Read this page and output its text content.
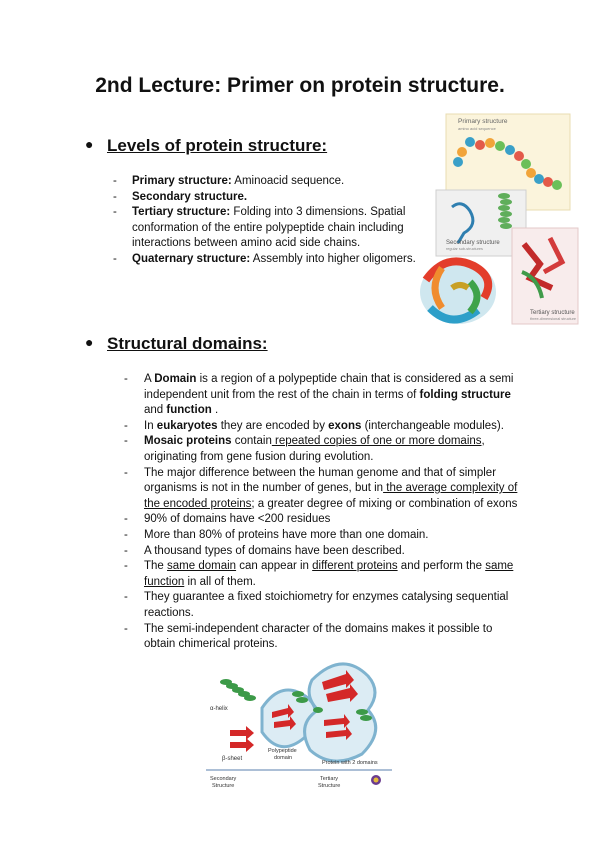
2nd Lecture: Primer on protein structure.
● Levels of protein structure:
- Primary structure: Aminoacid sequence.
- Secondary structure.
- Tertiary structure: Folding into 3 dimensions. Spatial conformation of the entire polypeptide chain including interactions between amino acid side chains.
- Quaternary structure: Assembly into higher oligomers.
Primary structure
amino acid sequence
Secondary structure
regular sub-structures
Tertiary structure
three-dimensional structure
● Structural domains:
- A Domain is a region of a polypeptide chain that is considered as a semi independent unit from the rest of the chain in terms of folding structure and function .
- In eukaryotes they are encoded by exons (interchangeable modules).
- Mosaic proteins contain repeated copies of one or more domains, originating from gene fusion during evolution.
- The major difference between the human genome and that of simpler organisms is not in the number of genes, but in the average complexity of the encoded proteins; a greater degree of mixing or combination of exons
- 90% of domains have <200 residues
- More than 80% of proteins have more than one domain.
- A thousand types of domains have been described.
- The same domain can appear in different proteins and perform the same function in all of them.
- They guarantee a fixed stoichiometry for enzymes catalysing sequential reactions.
- The semi-independent character of the domains makes it possible to obtain chimerical proteins.
α-helix
β-sheet
Polypeptide
domain
Protein with 2 domains
Secondary
Structure
Tertiary
Structure
